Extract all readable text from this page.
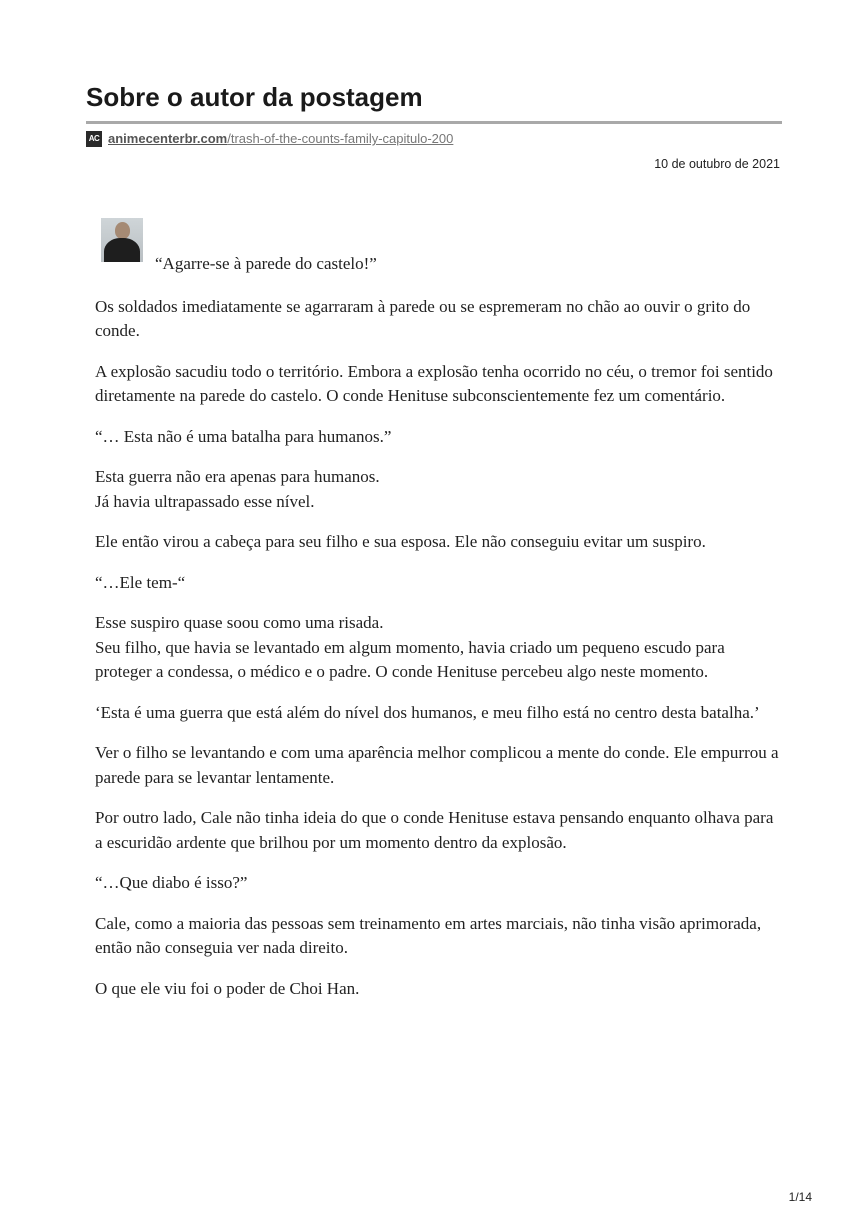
Sobre o autor da postagem
AC animecenterbr.com /trash-of-the-counts-family-capitulo-200
10 de outubro de 2021

“Agarre-se à parede do castelo!”

Os soldados imediatamente se agarraram à parede ou se espremeram no chão ao ouvir o grito do conde.

A explosão sacudiu todo o território. Embora a explosão tenha ocorrido no céu, o tremor foi sentido diretamente na parede do castelo. O conde Henituse subconscientemente fez um comentário.

“… Esta não é uma batalha para humanos.”

Esta guerra não era apenas para humanos.
Já havia ultrapassado esse nível.

Ele então virou a cabeça para seu filho e sua esposa. Ele não conseguiu evitar um suspiro.

“…Ele tem-“

Esse suspiro quase soou como uma risada.
Seu filho, que havia se levantado em algum momento, havia criado um pequeno escudo para proteger a condessa, o médico e o padre. O conde Henituse percebeu algo neste momento.

‘Esta é uma guerra que está além do nível dos humanos, e meu filho está no centro desta batalha.’

Ver o filho se levantando e com uma aparência melhor complicou a mente do conde. Ele empurrou a parede para se levantar lentamente.

Por outro lado, Cale não tinha ideia do que o conde Henituse estava pensando enquanto olhava para a escuridão ardente que brilhou por um momento dentro da explosão.

“…Que diabo é isso?”

Cale, como a maioria das pessoas sem treinamento em artes marciais, não tinha visão aprimorada, então não conseguia ver nada direito.

O que ele viu foi o poder de Choi Han.

1/14
